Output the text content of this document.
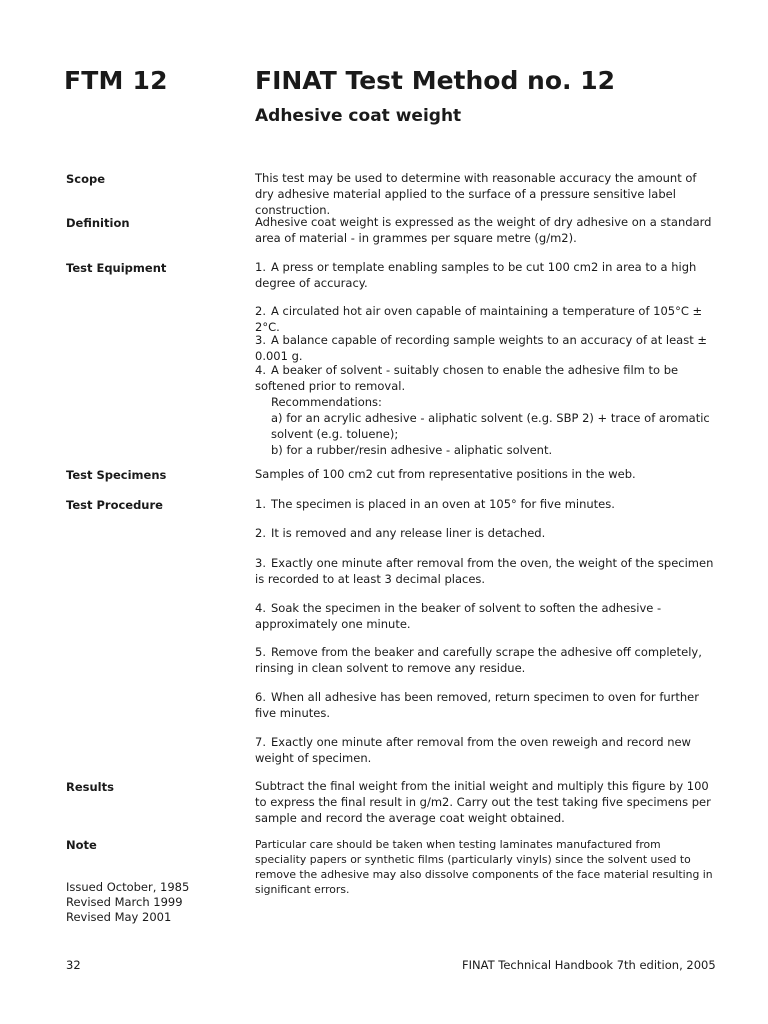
FTM 12	FINAT Test Method no. 12
Adhesive coat weight
Scope	This test may be used to determine with reasonable accuracy the amount of dry adhesive material applied to the surface of a pressure sensitive label construction.
Definition	Adhesive coat weight is expressed as the weight of dry adhesive on a standard area of material - in grammes per square metre (g/m2).
Test Equipment	1. A press or template enabling samples to be cut 100 cm2 in area to a high degree of accuracy.
2. A circulated hot air oven capable of maintaining a temperature of 105°C ± 2°C.
3. A balance capable of recording sample weights to an accuracy of at least ± 0.001 g.
4. A beaker of solvent - suitably chosen to enable the adhesive film to be softened prior to removal.
Recommendations:
a) for an acrylic adhesive - aliphatic solvent (e.g. SBP 2) + trace of aromatic solvent (e.g. toluene);
b) for a rubber/resin adhesive - aliphatic solvent.
Test Specimens	Samples of 100 cm2 cut from representative positions in the web.
Test Procedure	1. The specimen is placed in an oven at 105° for five minutes.
2. It is removed and any release liner is detached.
3. Exactly one minute after removal from the oven, the weight of the specimen is recorded to at least 3 decimal places.
4. Soak the specimen in the beaker of solvent to soften the adhesive - approximately one minute.
5. Remove from the beaker and carefully scrape the adhesive off completely, rinsing in clean solvent to remove any residue.
6. When all adhesive has been removed, return specimen to oven for further five minutes.
7. Exactly one minute after removal from the oven reweigh and record new weight of specimen.
Results	Subtract the final weight from the initial weight and multiply this figure by 100 to express the final result in g/m2. Carry out the test taking five specimens per sample and record the average coat weight obtained.
Note	Particular care should be taken when testing laminates manufactured from speciality papers or synthetic films (particularly vinyls) since the solvent used to remove the adhesive may also dissolve components of the face material resulting in significant errors.
Issued October, 1985
Revised March 1999
Revised May 2001
32	FINAT Technical Handbook 7th edition, 2005
